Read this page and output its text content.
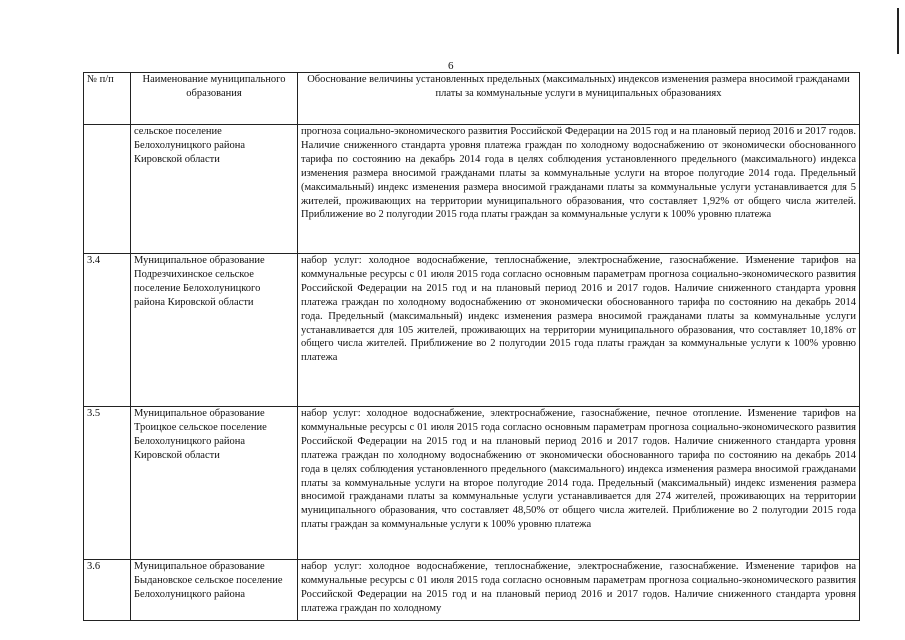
6
№ п/п	Наименование муниципального образования	Обоснование величины установленных предельных (максимальных) индексов изменения размера вносимой гражданами платы за коммунальные услуги в муниципальных образованиях
	сельское поселение Белохолуницкого района Кировской области	прогноза социально-экономического развития Российской Федерации на 2015 год и на плановый период 2016 и 2017 годов. Наличие сниженного стандарта уровня платежа граждан по холодному водоснабжению от экономически обоснованного тарифа по состоянию на декабрь 2014 года в целях соблюдения установленного предельного (максимального) индекса изменения размера вносимой гражданами платы за коммунальные услуги на второе полугодие 2014 года. Предельный (максимальный) индекс изменения размера вносимой гражданами платы за коммунальные услуги устанавливается для 5 жителей, проживающих на территории муниципального образования, что составляет 1,92% от общего числа жителей. Приближение во 2 полугодии 2015 года платы граждан за коммунальные услуги к 100% уровню платежа
3.4	Муниципальное образование Подрезчихинское сельское поселение Белохолуницкого района Кировской области	набор услуг: холодное водоснабжение, теплоснабжение, электроснабжение, газоснабжение. Изменение тарифов на коммунальные ресурсы с 01 июля 2015 года согласно основным параметрам прогноза социально-экономического развития Российской Федерации на 2015 год и на плановый период 2016 и 2017 годов. Наличие сниженного стандарта уровня платежа граждан по холодному водоснабжению от экономически обоснованного тарифа по состоянию на декабрь 2014 года. Предельный (максимальный) индекс изменения размера вносимой гражданами платы за коммунальные услуги устанавливается для 105 жителей, проживающих на территории муниципального образования, что составляет 10,18% от общего числа жителей. Приближение во 2 полугодии 2015 года платы граждан за коммунальные услуги к 100% уровню платежа
3.5	Муниципальное образование Троицкое сельское поселение Белохолуницкого района Кировской области	набор услуг: холодное водоснабжение, электроснабжение, газоснабжение, печное отопление. Изменение тарифов на коммунальные ресурсы с 01 июля 2015 года согласно основным параметрам прогноза социально-экономического развития Российской Федерации на 2015 год и на плановый период 2016 и 2017 годов. Наличие сниженного стандарта уровня платежа граждан по холодному водоснабжению от экономически обоснованного тарифа по состоянию на декабрь 2014 года в целях соблюдения установленного предельного (максимального) индекса изменения размера вносимой гражданами платы за коммунальные услуги на второе полугодие 2014 года. Предельный (максимальный) индекс изменения размера вносимой гражданами платы за коммунальные услуги устанавливается для 274 жителей, проживающих на территории муниципального образования, что составляет 48,50% от общего числа жителей. Приближение во 2 полугодии 2015 года платы граждан за коммунальные услуги к 100% уровню платежа
3.6	Муниципальное образование Быдановское сельское поселение Белохолуницкого района	набор услуг: холодное водоснабжение, теплоснабжение, электроснабжение, газоснабжение. Изменение тарифов на коммунальные ресурсы с 01 июля 2015 года согласно основным параметрам прогноза социально-экономического развития Российской Федерации на 2015 год и на плановый период 2016 и 2017 годов. Наличие сниженного стандарта уровня платежа граждан по холодному
